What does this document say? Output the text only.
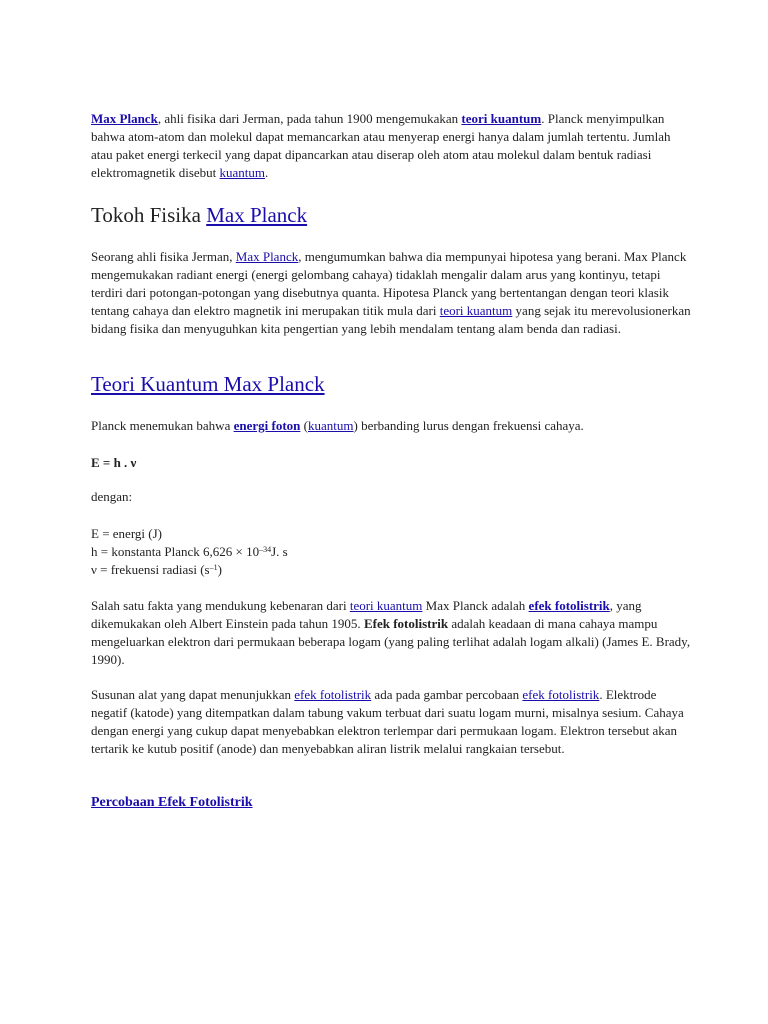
Max Planck, ahli fisika dari Jerman, pada tahun 1900 mengemukakan teori kuantum. Planck menyimpulkan bahwa atom-atom dan molekul dapat memancarkan atau menyerap energi hanya dalam jumlah tertentu. Jumlah atau paket energi terkecil yang dapat dipancarkan atau diserap oleh atom atau molekul dalam bentuk radiasi elektromagnetik disebut kuantum.

Tokoh Fisika Max Planck

Seorang ahli fisika Jerman, Max Planck, mengumumkan bahwa dia mempunyai hipotesa yang berani. Max Planck mengemukakan radiant energi (energi gelombang cahaya) tidaklah mengalir dalam arus yang kontinyu, tetapi terdiri dari potongan-potongan yang disebutnya quanta. Hipotesa Planck yang bertentangan dengan teori klasik tentang cahaya dan elektro magnetik ini merupakan titik mula dari teori kuantum yang sejak itu merevolusionerkan bidang fisika dan menyuguhkan kita pengertian yang lebih mendalam tentang alam benda dan radiasi.

Teori Kuantum Max Planck

Planck menemukan bahwa energi foton (kuantum) berbanding lurus dengan frekuensi cahaya.

E = h . ν

dengan:

E = energi (J)

h = konstanta Planck $6,626 \times 10^{-34}J$. s

ν = frekuensi radiasi $(s^{-1})$

Salah satu fakta yang mendukung kebenaran dari teori kuantum Max Planck adalah efek fotolistrik, yang dikemukakan oleh Albert Einstein pada tahun 1905. Efek fotolistrik adalah keadaan di mana cahaya mampu mengeluarkan elektron dari permukaan beberapa logam (yang paling terlihat adalah logam alkali) (James E. Brady, 1990).

Susunan alat yang dapat menunjukkan efek fotolistrik ada pada gambar percobaan efek fotolistrik. Elektrode negatif (katode) yang ditempatkan dalam tabung vakum terbuat dari suatu logam murni, misalnya sesium. Cahaya dengan energi yang cukup dapat menyebabkan elektron terlempar dari permukaan logam. Elektron tersebut akan tertarik ke kutub positif (anode) dan menyebabkan aliran listrik melalui rangkaian tersebut.

Percobaan Efek Fotolistrik
